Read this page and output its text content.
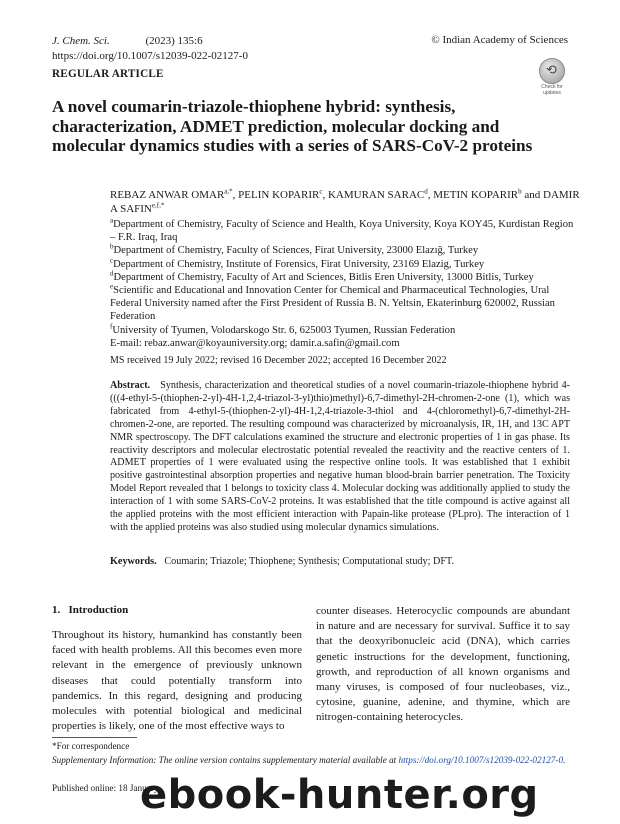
J. Chem. Sci.	(2023) 135:6
https://doi.org/10.1007/s12039-022-02127-0
© Indian Academy of Sciences
REGULAR ARTICLE	⟲
Check for
updates
A novel coumarin-triazole-thiophene hybrid: synthesis, characterization, ADMET prediction, molecular docking and molecular dynamics studies with a series of SARS-CoV-2 proteins
REBAZ ANWAR $OMAR^{a,*}$, PELIN KOPARIR$^c$, KAMURAN SARAC$^d$, METIN KOPARIR$^b$ and DAMIR A $SAFIN^{e,f,*}$

$^a$Department of Chemistry, Faculty of Science and Health, Koya University, Koya KOY45, Kurdistan Region – F.R. Iraq, Iraq

$^b$Department of Chemistry, Faculty of Sciences, Firat University, 23000 Elazığ, Turkey

$^c$Department of Chemistry, Institute of Forensics, Firat University, 23169 Elazig, Turkey

$^d$Department of Chemistry, Faculty of Art and Sciences, Bitlis Eren University, 13000 Bitlis, Turkey

$^e$Scientific and Educational and Innovation Center for Chemical and Pharmaceutical Technologies, Ural Federal University named after the First President of Russia B. N. Yeltsin, Ekaterinburg 620002, Russian Federation

$^f$University of Tyumen, Volodarskogo Str. 6, 625003 Tyumen, Russian Federation

E-mail: rebaz.anwar@koyauniversity.org; damir.a.safin@gmail.com

MS received 19 July 2022; revised 16 December 2022; accepted 16 December 2022
Abstract. Synthesis, characterization and theoretical studies of a novel coumarin-triazole-thiophene hybrid 4-(((4-ethyl-5-(thiophen-2-yl)-4H-1,2,4-triazol-3-yl)thio)methyl)-6,7-dimethyl-2H-chromen-2-one (1), which was fabricated from 4-ethyl-5-(thiophen-2-yl)-4H-1,2,4-triazole-3-thiol and 4-(chloromethyl)-6,7-dimethyl-2H-chromen-2-one, are reported. The resulting compound was characterized by microanalysis, IR, 1H, and 13C APT NMR spectroscopy. The DFT calculations examined the structure and electronic properties of 1 in gas phase. Its reactivity descriptors and molecular electrostatic potential revealed the reactivity and the reactive centers of 1. ADMET properties of 1 were evaluated using the respective online tools. It was established that 1 exhibit positive gastrointestinal absorption properties and negative human blood-brain barrier penetration. The Toxicity Model Report revealed that 1 belongs to toxicity class 4. Molecular docking was additionally applied to study the interaction of 1 with some SARS-CoV-2 proteins. It was established that the title compound is active against all the applied proteins with the most efficient interaction with Papain-like protease (PLpro). The interaction of 1 with the applied proteins was also studied using molecular dynamics simulations.
Keywords. Coumarin; Triazole; Thiophene; Synthesis; Computational study; DFT.
1. Introduction
Throughout its history, humankind has constantly been faced with health problems. All this becomes even more relevant in the emergence of previously unknown diseases that could potentially transform into pandemics. In this regard, designing and producing molecules with potential biological and medicinal properties is likely, one of the most effective ways to
counter diseases. Heterocyclic compounds are abundant in nature and are necessary for survival. Suffice it to say that the deoxyribonucleic acid (DNA), which carries genetic instructions for the development, functioning, growth, and reproduction of all known organisms and many viruses, is composed of four nucleobases, viz., cytosine, guanine, adenine, and thymine, which are nitrogen-containing heterocycles.
*For correspondence
Supplementary Information: The online version contains supplementary material available at https://doi.org/10.1007/s12039-022-02127-0.
Published online: 18 January
ebook-hunter.org
